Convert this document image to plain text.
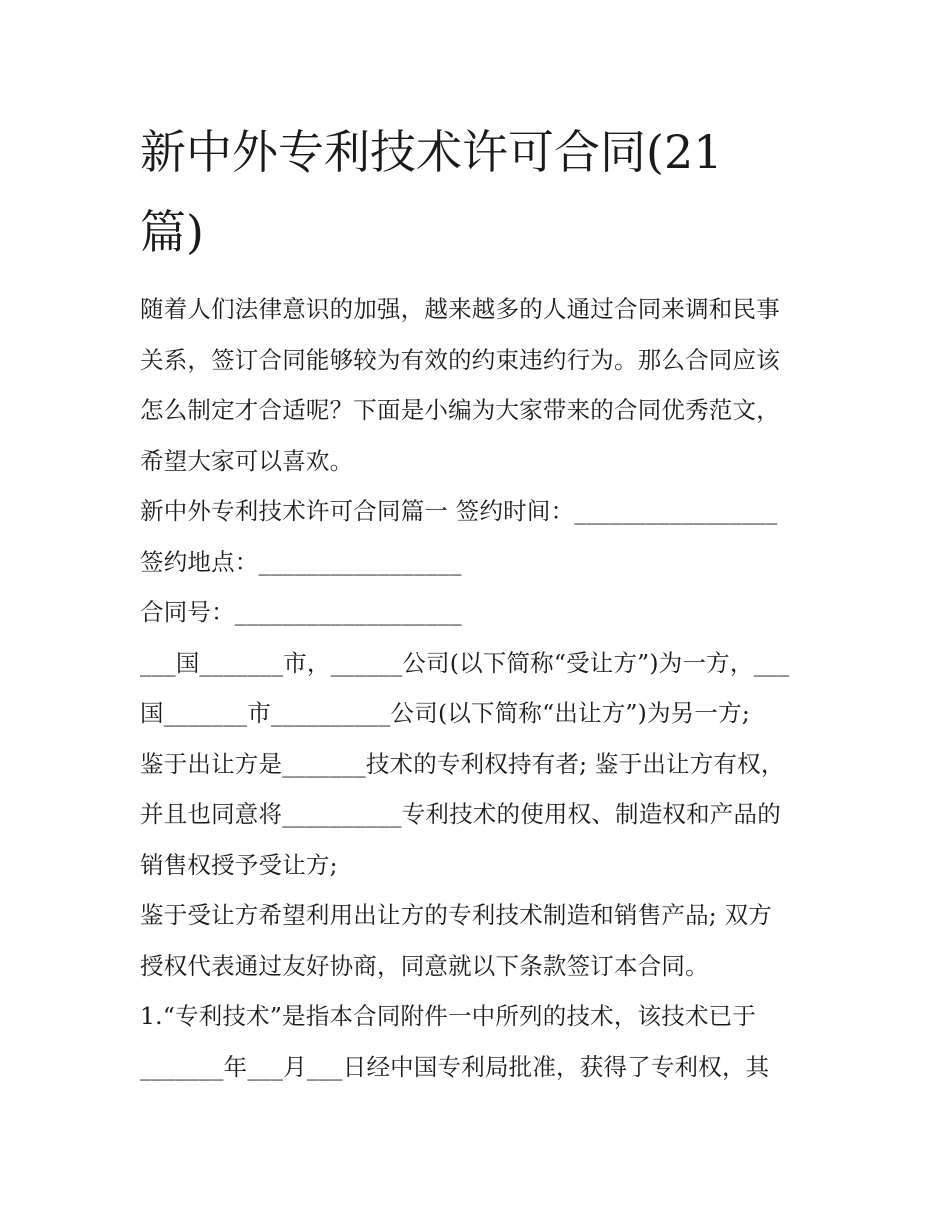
新中外专利技术许可合同(21
篇)
随着人们法律意识的加强，越来越多的人通过合同来调和民事
关系，签订合同能够较为有效的约束违约行为。那么合同应该
怎么制定才合适呢？下面是小编为大家带来的合同优秀范文，
希望大家可以喜欢。
新中外专利技术许可合同篇一 签约时间：_________________
签约地点：_________________
合同号：___________________
___国_______市，______公司(以下简称“受让方”)为一方，___
国_______市__________公司(以下简称“出让方”)为另一方;
鉴于出让方是_______技术的专利权持有者; 鉴于出让方有权，
并且也同意将__________专利技术的使用权、制造权和产品的
销售权授予受让方;
鉴于受让方希望利用出让方的专利技术制造和销售产品; 双方
授权代表通过友好协商，同意就以下条款签订本合同。
1.“专利技术”是指本合同附件一中所列的技术，该技术已于
_______年___月___日经中国专利局批准，获得了专利权，其
